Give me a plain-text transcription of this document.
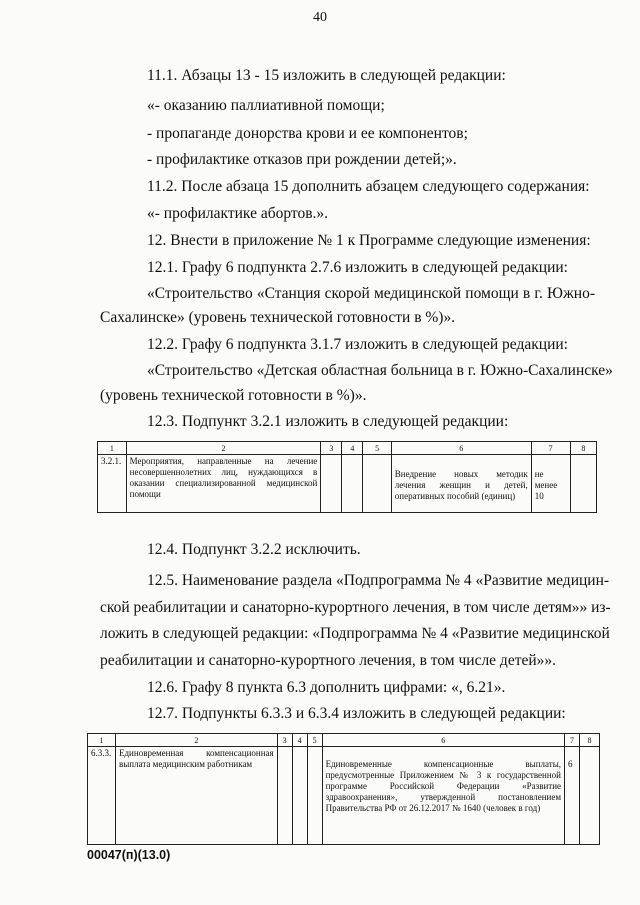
40
11.1. Абзацы 13 - 15 изложить в следующей редакции:
«- оказанию паллиативной помощи;
- пропаганде донорства крови и ее компонентов;
- профилактике отказов при рождении детей;».
11.2. После абзаца 15 дополнить абзацем следующего содержания:
«- профилактике абортов.».
12. Внести в приложение № 1 к Программе следующие изменения:
12.1. Графу 6 подпункта 2.7.6 изложить в следующей редакции:
«Строительство «Станция скорой медицинской помощи в г. Южно-
Сахалинске» (уровень технической готовности в %)».
12.2. Графу 6 подпункта 3.1.7 изложить в следующей редакции:
«Строительство «Детская областная больница в г. Южно-Сахалинске»
(уровень технической готовности в %)».
12.3. Подпункт 3.2.1 изложить в следующей редакции:
1	2	3	4	5	6	7	8
3.2.1.	Мероприятия, направленные на лечение несовершеннолетних лиц, нуждающихся в оказании специализированной медицинской помощи				Внедрение новых методик лечения женщин и детей, оперативных пособий (единиц)	не менее 10	
12.4. Подпункт 3.2.2 исключить.
12.5. Наименование раздела «Подпрограмма № 4 «Развитие медицин-
ской реабилитации и санаторно-курортного лечения, в том числе детям»» из-
ложить в следующей редакции: «Подпрограмма № 4 «Развитие медицинской
реабилитации и санаторно-курортного лечения, в том числе детей»».
12.6. Графу 8 пункта 6.3 дополнить цифрами: «, 6.21».
12.7. Подпункты 6.3.3 и 6.3.4 изложить в следующей редакции:
1	2	3	4	5	6	7	8
6.3.3.	Единовременная компенсационная выплата медицинским работникам				Единовременные компенсационные выплаты, предусмотренные Приложением № 3 к государственной программе Российской Федерации «Развитие здравоохранения», утвержденной постановлением Правительства РФ от 26.12.2017 № 1640 (человек в год)	6	
00047(п)(13.0)
